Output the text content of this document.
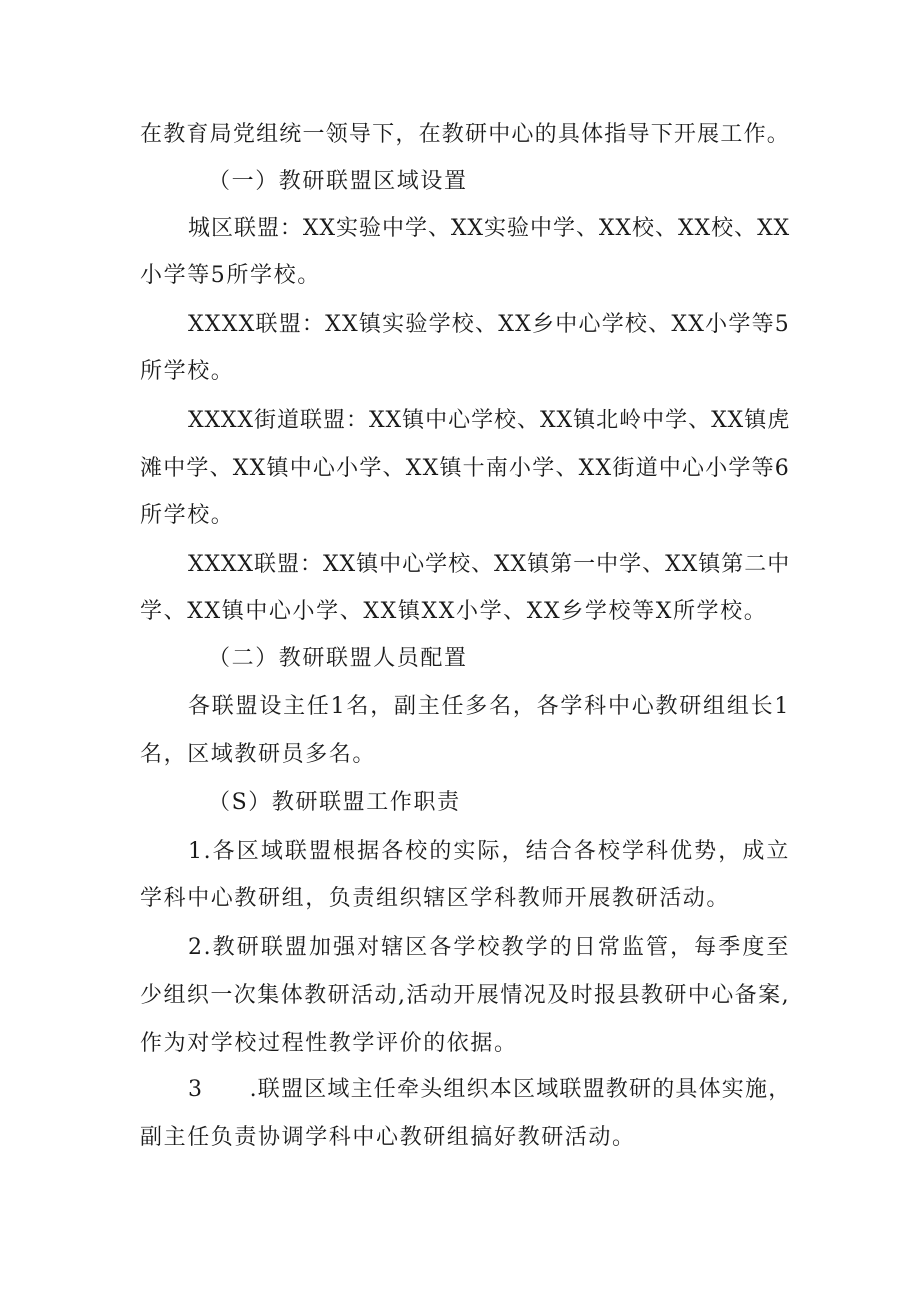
在教育局党组统一领导下，在教研中心的具体指导下开展工作。
（一）教研联盟区域设置
城区联盟：XX实验中学、XX实验中学、XX校、XX校、XX
小学等5所学校。
XXXX联盟：XX镇实验学校、XX乡中心学校、XX小学等5
所学校。
XXXX街道联盟：XX镇中心学校、XX镇北岭中学、XX镇虎
滩中学、XX镇中心小学、XX镇十南小学、XX街道中心小学等6
所学校。
XXXX联盟：XX镇中心学校、XX镇第一中学、XX镇第二中
学、XX镇中心小学、XX镇XX小学、XX乡学校等X所学校。
（二）教研联盟人员配置
各联盟设主任1名，副主任多名，各学科中心教研组组长1
名，区域教研员多名。
（S）教研联盟工作职责
1.各区域联盟根据各校的实际，结合各校学科优势，成立
学科中心教研组，负责组织辖区学科教师开展教研活动。
2.教研联盟加强对辖区各学校教学的日常监管，每季度至
少组织一次集体教研活动,活动开展情况及时报县教研中心备案,
作为对学校过程性教学评价的依据。
3　　.联盟区域主任牵头组织本区域联盟教研的具体实施，
副主任负责协调学科中心教研组搞好教研活动。
